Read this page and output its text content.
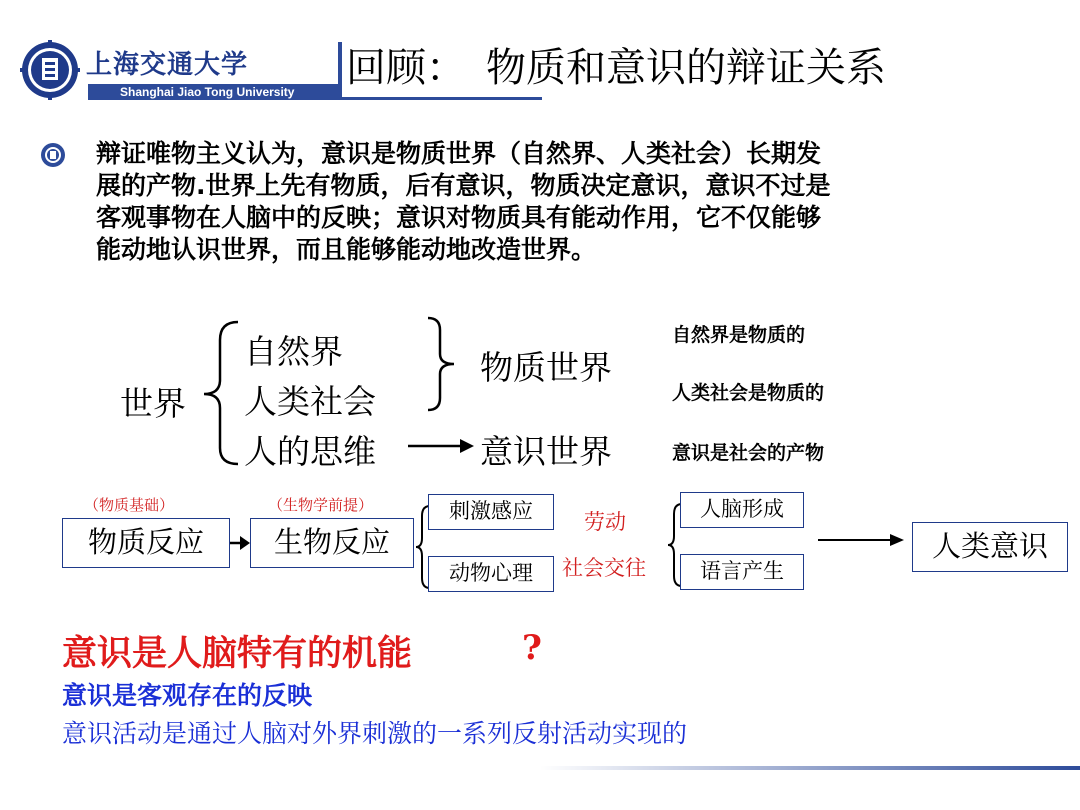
上海交通大学
Shanghai Jiao Tong University
回顾：　物质和意识的辩证关系

辩证唯物主义认为，意识是物质世界（自然界、人类社会）长期发

展的产物.世界上先有物质，后有意识，物质决定意识，意识不过是

客观事物在人脑中的反映；意识对物质具有能动作用，它不仅能够

能动地认识世界，而且能够能动地改造世界。

世界
自然界
人类社会
人的思维
物质世界
意识世界
自然界是物质的
人类社会是物质的
意识是社会的产物
（物质基础）	（生物学前提）
物质反应	生物反应
刺激感应
动物心理
劳动
社会交往
人脑形成
语言产生
人类意识
意识是人脑特有的机能	?
意识是客观存在的反映
意识活动是通过人脑对外界刺激的一系列反射活动实现的
